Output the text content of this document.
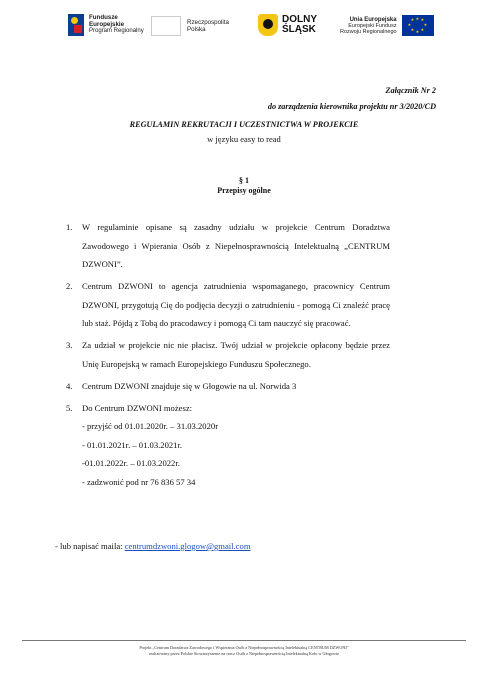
Fundusze
Europejskie
Program Regionalny
Rzeczpospolita
Polska
DOLNY
ŚLĄSK
Unia Europejska
Europejski Fundusz
Rozwoju Regionalnego
★ ★
★
★
★
★
★
★
Załącznik Nr 2
do zarządzenia kierownika projektu nr 3/2020/CD
REGULAMIN REKRUTACJI I UCZESTNICTWA W PROJEKCIE
w języku easy to read
§ 1
Przepisy ogólne
1.	W regulaminie opisane są zasadny udziału w projekcie Centrum Doradztwa Zawodowego i Wpierania Osób z Niepełnosprawnością Intelektualną „CENTRUM DZWONI”.
2.	Centrum DZWONI to agencja zatrudnienia wspomaganego, pracownicy Centrum DZWONI, przygotują Cię do podjęcia decyzji o zatrudnieniu - pomogą Ci znaleźć pracę lub staż. Pójdą z Tobą do pracodawcy i pomogą Ci tam nauczyć się pracować.
3.	Za udział w projekcie nic nie płacisz. Twój udział w projekcie opłacony będzie przez Unię Europejską w ramach Europejskiego Funduszu Społecznego.
4.	Centrum DZWONI znajduje się w Głogowie na ul. Norwida 3
5.	Do Centrum DZWONI możesz:
- przyjść od 01.01.2020r. – 31.03.2020r
- 01.01.2021r. – 01.03.2021r.
-01.01.2022r. – 01.03.2022r.
- zadzwonić pod nr 76 836 57 34
- lub napisać maila: centrumdzwoni.glogow@gmail.com
Projekt „Centrum Doradztwa Zawodowego i Wspierania Osób z Niepełnosprawnością Intelektualną CENTRUM DZWONI”
realizowany przez Polskie Stowarzyszenie na rzecz Osób z Niepełnosprawnością Intelektualną Koło w Głogowie
